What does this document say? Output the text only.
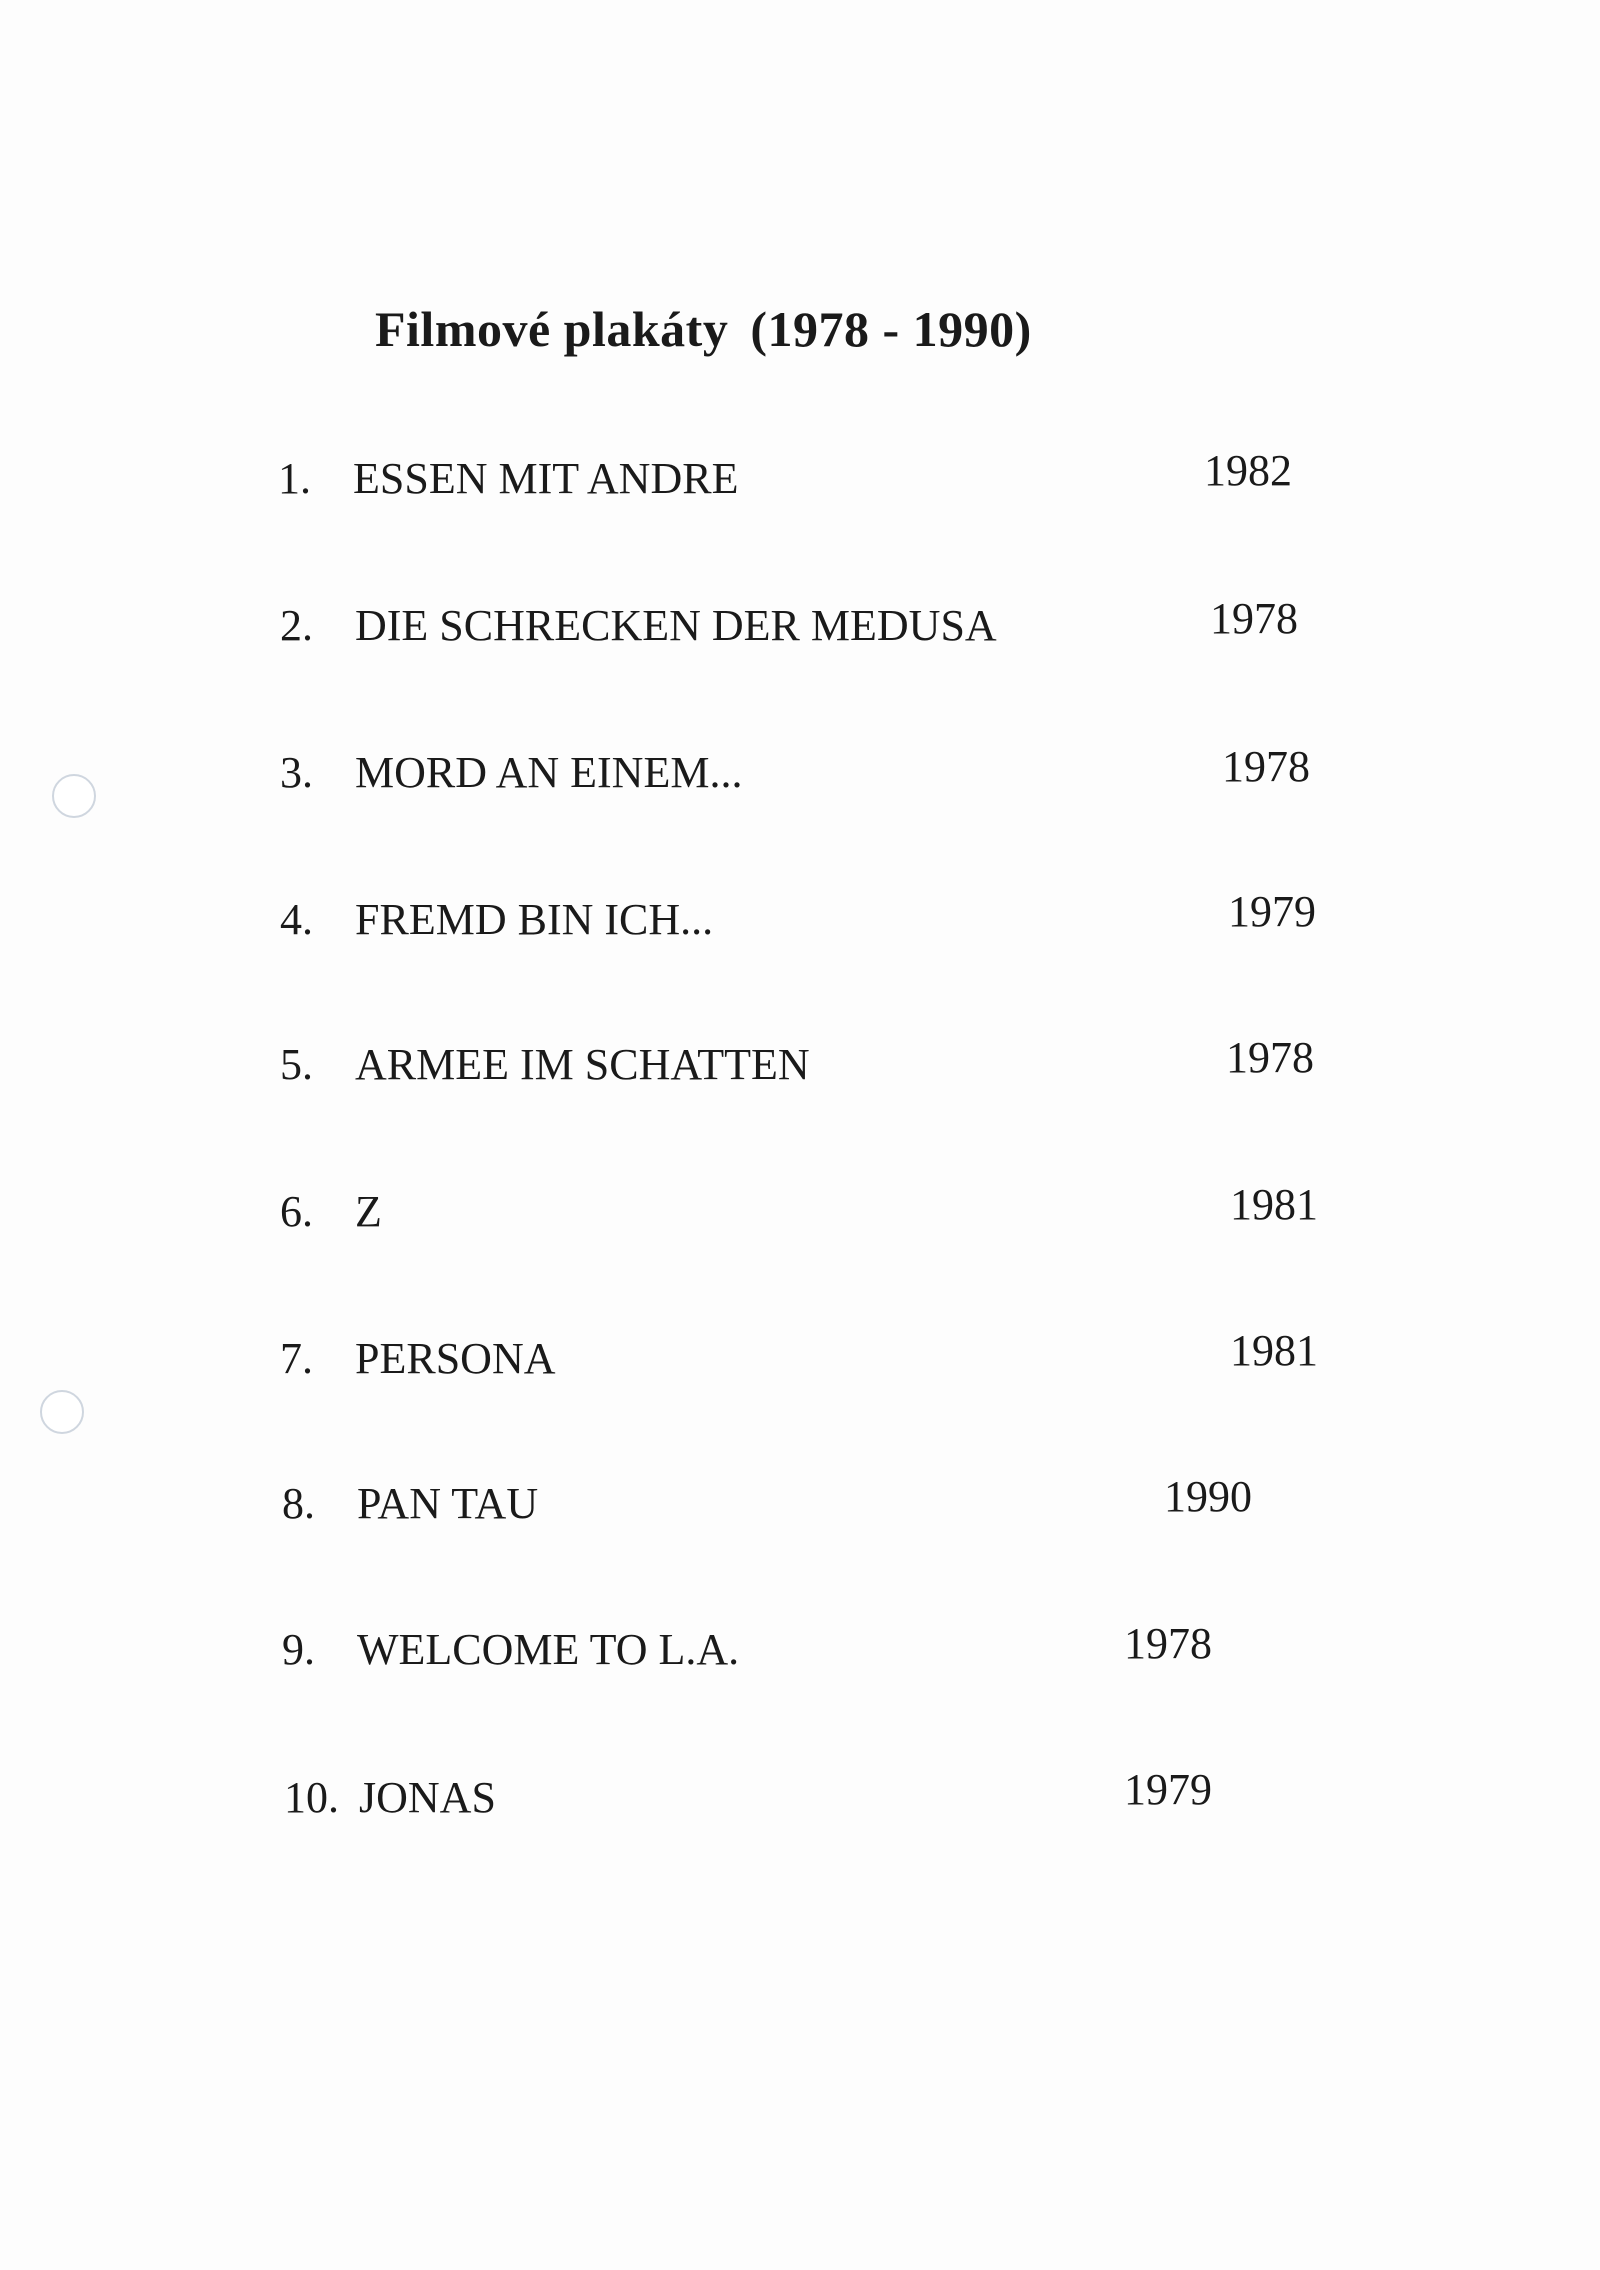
Filmové plakáty (1978 - 1990)
1. ESSEN MIT ANDRE	1982
2. DIE SCHRECKEN DER MEDUSA	1978
3. MORD AN EINEM...	1978
4. FREMD BIN ICH...	1979
5. ARMEE IM SCHATTEN	1978
6. Z	1981
7. PERSONA	1981
8. PAN TAU	1990
9. WELCOME TO L.A.	1978
10. JONAS	1979
